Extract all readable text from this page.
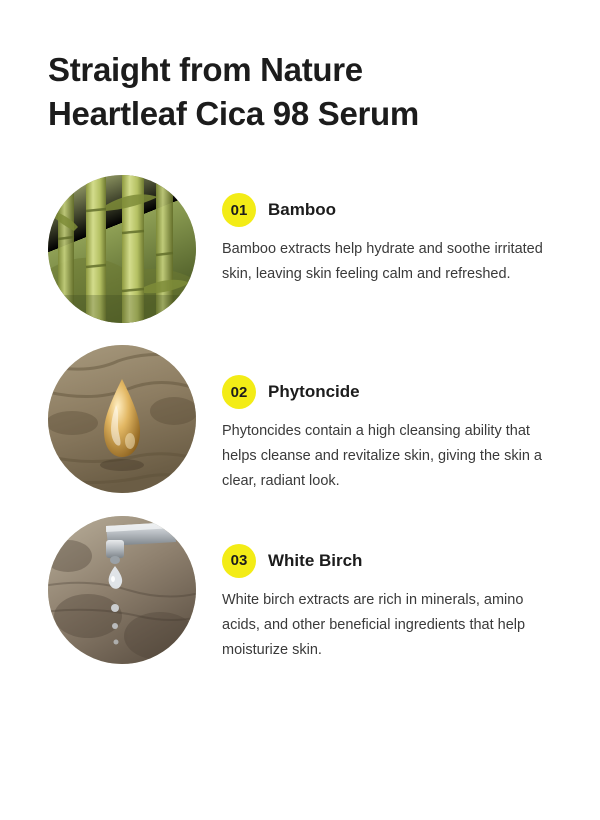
Straight from Nature
Heartleaf Cica 98 Serum
01	Bamboo
Bamboo extracts help hydrate and soothe irritated skin, leaving skin feeling calm and refreshed.
02	Phytoncide
Phytoncides contain a high cleansing ability that helps cleanse and revitalize skin, giving the skin a clear, radiant look.
03	White Birch
White birch extracts are rich in minerals, amino acids, and other beneficial ingredients that help moisturize skin.
